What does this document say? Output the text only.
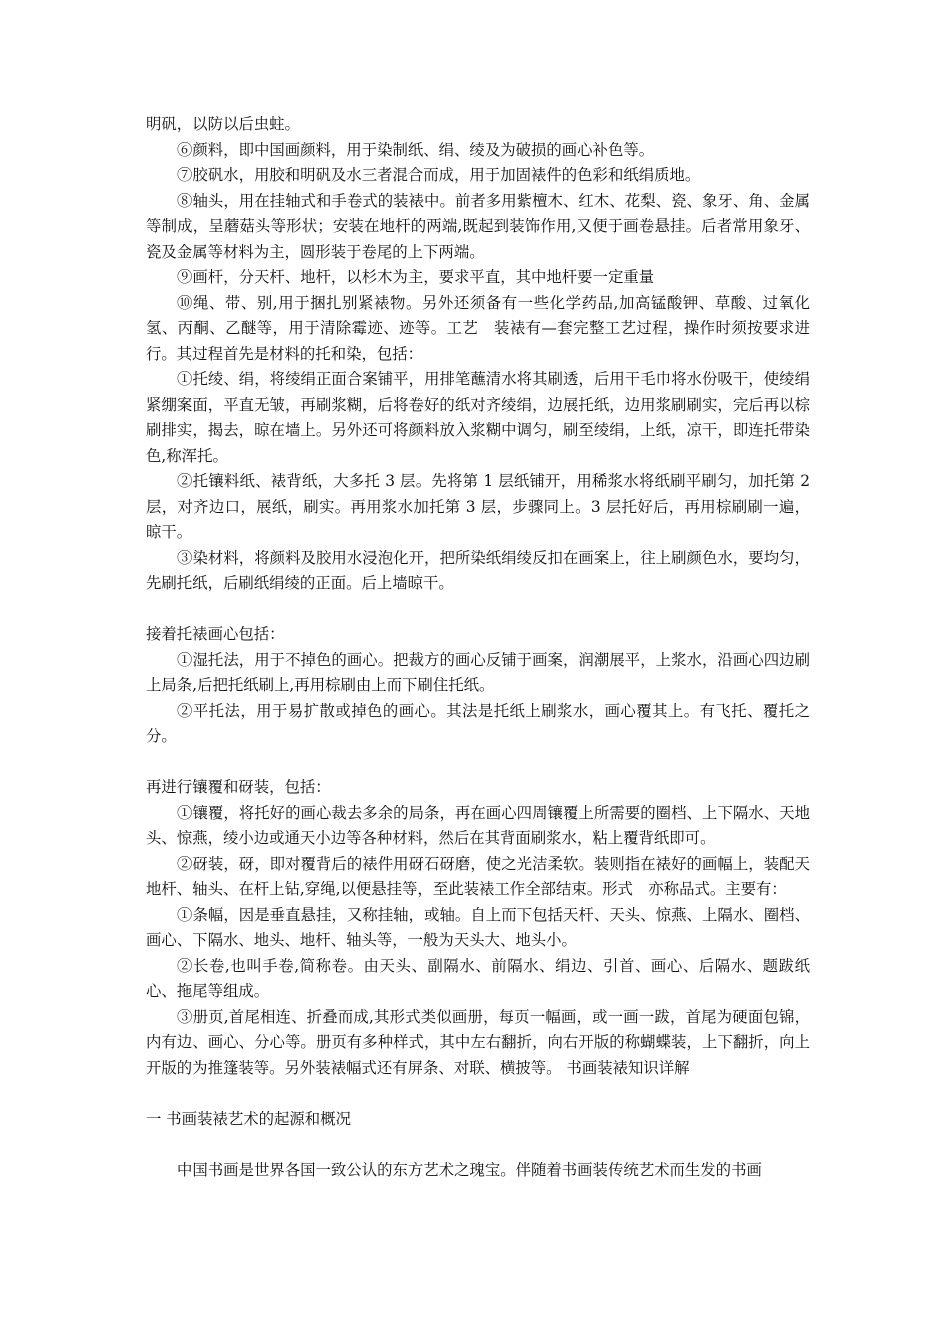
明矾，以防以后虫蛀。

⑥颜料，即中国画颜料，用于染制纸、绢、绫及为破损的画心补色等。

⑦胶矾水，用胶和明矾及水三者混合而成，用于加固裱件的色彩和纸绢质地。

⑧轴头，用在挂轴式和手卷式的装裱中。前者多用紫檀木、红木、花梨、瓷、象牙、角、金属等制成，呈蘑菇头等形状；安装在地杆的两端,既起到装饰作用,又便于画卷悬挂。后者常用象牙、瓷及金属等材料为主，圆形装于卷尾的上下两端。

⑨画杆，分天杆、地杆，以杉木为主，要求平直，其中地杆要一定重量

⑩绳、带、别,用于捆扎别紧裱物。另外还须备有一些化学药品,加高锰酸钾、草酸、过氧化氢、丙酮、乙醚等，用于清除霉迹、迹等。工艺　装裱有—套完整工艺过程，操作时须按要求进行。其过程首先是材料的托和染，包括：

①托绫、绢，将绫绢正面合案铺平，用排笔蘸清水将其刷透，后用干毛巾将水份吸干，使绫绢紧绷案面，平直无皱，再刷浆糊，后将卷好的纸对齐绫绢，边展托纸，边用浆刷刷实，完后再以棕刷排实，揭去，晾在墙上。另外还可将颜料放入浆糊中调匀，刷至绫绢，上纸，凉干，即连托带染色,称浑托。

②托镶料纸、裱背纸，大多托 3 层。先将第 1 层纸铺开，用稀浆水将纸刷平刷匀，加托第 2 层，对齐边口，展纸，刷实。再用浆水加托第 3 层，步骤同上。3 层托好后，再用棕刷刷一遍，晾干。

③染材料，将颜料及胶用水浸泡化开，把所染纸绢绫反扣在画案上，往上刷颜色水，要均匀，先刷托纸，后刷纸绢绫的正面。后上墙晾干。

接着托裱画心包括：

①湿托法，用于不掉色的画心。把裁方的画心反铺于画案，润潮展平，上浆水，沿画心四边刷上局条,后把托纸刷上,再用棕刷由上而下刷住托纸。

②平托法，用于易扩散或掉色的画心。其法是托纸上刷浆水，画心覆其上。有飞托、覆托之分。

再进行镶覆和砑装，包括：

①镶覆，将托好的画心裁去多余的局条，再在画心四周镶覆上所需要的圈档、上下隔水、天地头、惊燕，绫小边或通天小边等各种材料，然后在其背面刷浆水，粘上覆背纸即可。

②砑装，砑，即对覆背后的裱件用砑石砑磨，使之光洁柔软。装则指在裱好的画幅上，装配天地杆、轴头、在杆上钻,穿绳,以便悬挂等，至此装裱工作全部结束。形式　亦称品式。主要有：

①条幅，因是垂直悬挂，又称挂轴，或轴。自上而下包括天杆、天头、惊燕、上隔水、圈档、画心、下隔水、地头、地杆、轴头等，一般为天头大、地头小。

②长卷,也叫手卷,简称卷。由天头、副隔水、前隔水、绢边、引首、画心、后隔水、题跋纸心、拖尾等组成。

③册页,首尾相连、折叠而成,其形式类似画册，每页一幅画，或一画一跋，首尾为硬面包锦，内有边、画心、分心等。册页有多种样式，其中左右翻折，向右开版的称蝴蝶装，上下翻折，向上开版的为推篷装等。另外装裱幅式还有屏条、对联、横披等。 书画装裱知识详解

一 书画装裱艺术的起源和概况

中国书画是世界各国一致公认的东方艺术之瑰宝。伴随着书画装传统艺术而生发的书画
